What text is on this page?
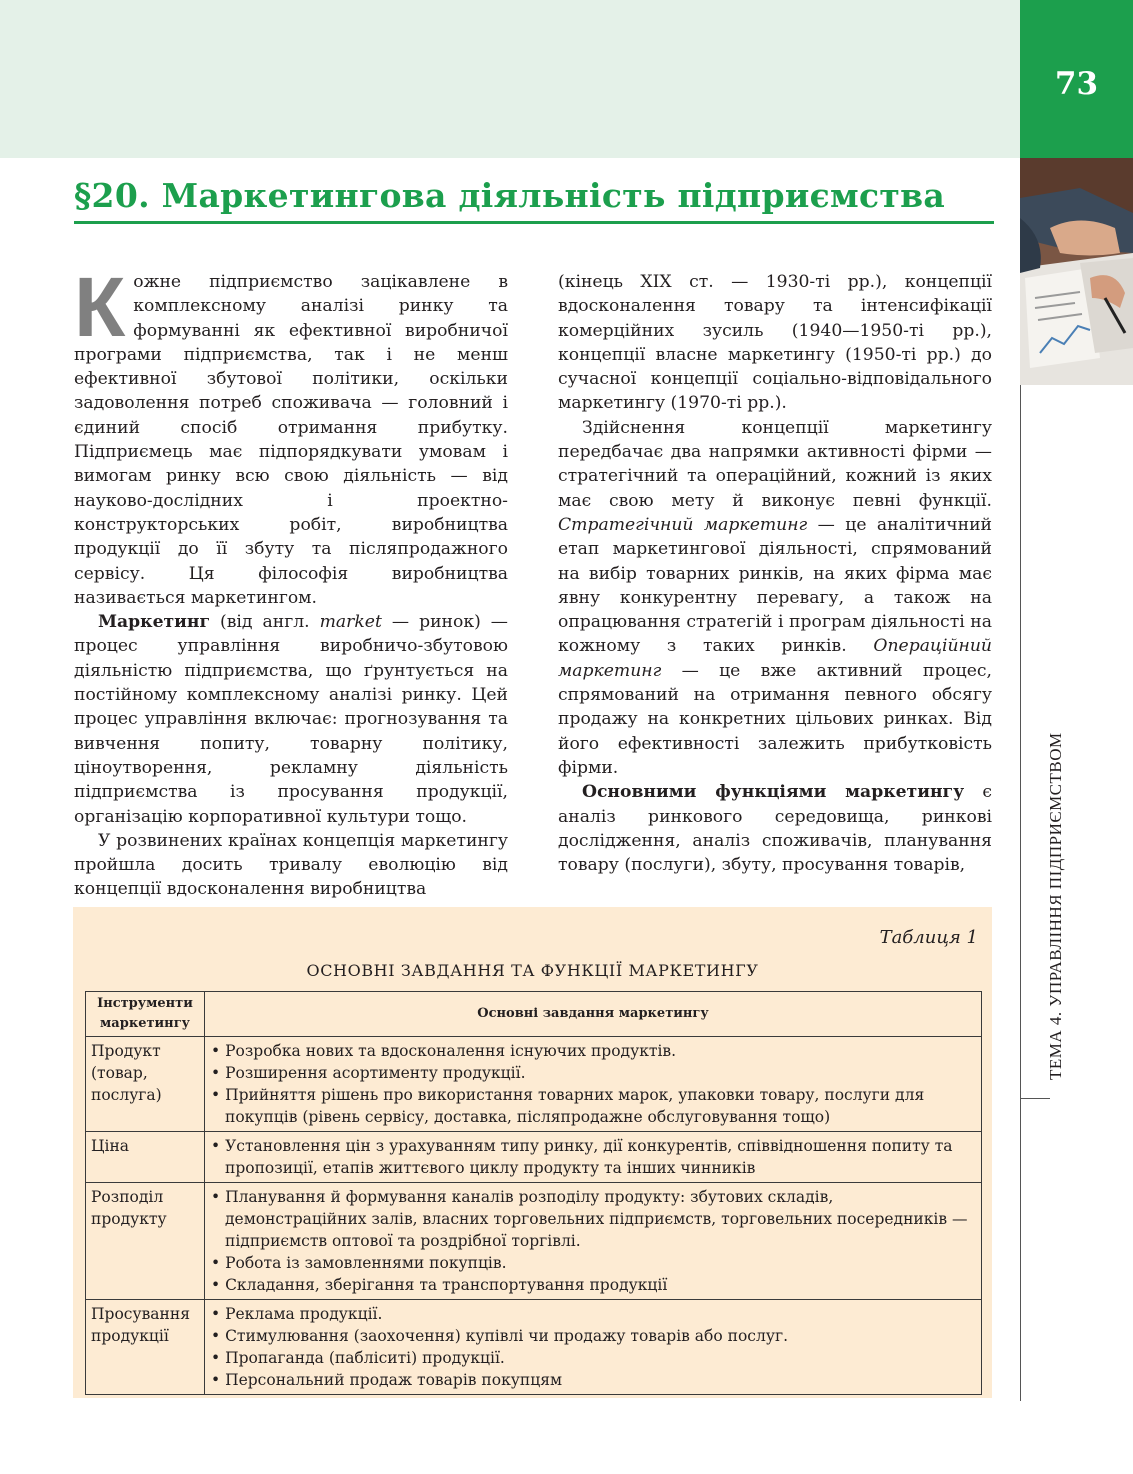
73
ТЕМА 4. УПРАВЛІННЯ ПІДПРИЄМСТВОМ
§20. Маркетингова діяльність підприємства

Кожне підприємство зацікавлене в комплексному аналізі ринку та формуванні як ефективної виробничої програми підприємства, так і не менш ефективної збутової політики, оскільки задоволення потреб споживача — головний і єдиний спосіб отримання прибутку. Підприємець має підпорядкувати умовам і вимогам ринку всю свою діяльність — від науково-дослідних і проектно-конструкторських робіт, виробництва продукції до її збуту та післяпродажного сервісу. Ця філософія виробництва називається маркетингом.

Маркетинг (від англ. market — ринок) — процес управління виробничо-збутовою діяльністю підприємства, що ґрунтується на постійному комплексному аналізі ринку. Цей процес управління включає: прогнозування та вивчення попиту, товарну політику, ціноутворення, рекламну діяльність підприємства із просування продукції, організацію корпоративної культури тощо.

У розвинених країнах концепція маркетингу пройшла досить тривалу еволюцію від концепції вдосконалення виробництва

(кінець XIX ст. — 1930-ті рр.), концепції вдосконалення товару та інтенсифікації комерційних зусиль (1940—1950-ті рр.), концепції власне маркетингу (1950-ті рр.) до сучасної концепції соціально-відповідального маркетингу (1970-ті рр.).

Здійснення концепції маркетингу передбачає два напрямки активності фірми — стратегічний та операційний, кожний із яких має свою мету й виконує певні функції. Стратегічний маркетинг — це аналітичний етап маркетингової діяльності, спрямований на вибір товарних ринків, на яких фірма має явну конкурентну перевагу, а також на опрацювання стратегій і програм діяльності на кожному з таких ринків. Операційний маркетинг — це вже активний процес, спрямований на отримання певного обсягу продажу на конкретних цільових ринках. Від його ефективності залежить прибутковість фірми.

Основними функціями маркетингу є аналіз ринкового середовища, ринкові дослідження, аналіз споживачів, планування товару (послуги), збуту, просування товарів,

Таблиця 1
ОСНОВНІ ЗАВДАННЯ ТА ФУНКЦІЇ МАРКЕТИНГУ
Інструменти маркетингу	Основні завдання маркетингу
Продукт (товар, послуга)	• Розробка нових та вдосконалення існуючих продуктів.
• Розширення асортименту продукції.
• Прийняття рішень про використання товарних марок, упаковки товару, послуги для покупців (рівень сервісу, доставка, післяпродажне обслуговування тощо)

Ціна	• Установлення цін з урахуванням типу ринку, дії конкурентів, співвідношення попиту та пропозиції, етапів життєвого циклу продукту та інших чинників

Розподіл продукту	• Планування й формування каналів розподілу продукту: збутових складів, демонстраційних залів, власних торговельних підприємств, торговельних посередників — підприємств оптової та роздрібної торгівлі.
• Робота із замовленнями покупців.
• Складання, зберігання та транспортування продукції

Просування продукції	• Реклама продукції.
• Стимулювання (заохочення) купівлі чи продажу товарів або послуг.
• Пропаганда (пабліситі) продукції.
• Персональний продаж товарів покупцям
